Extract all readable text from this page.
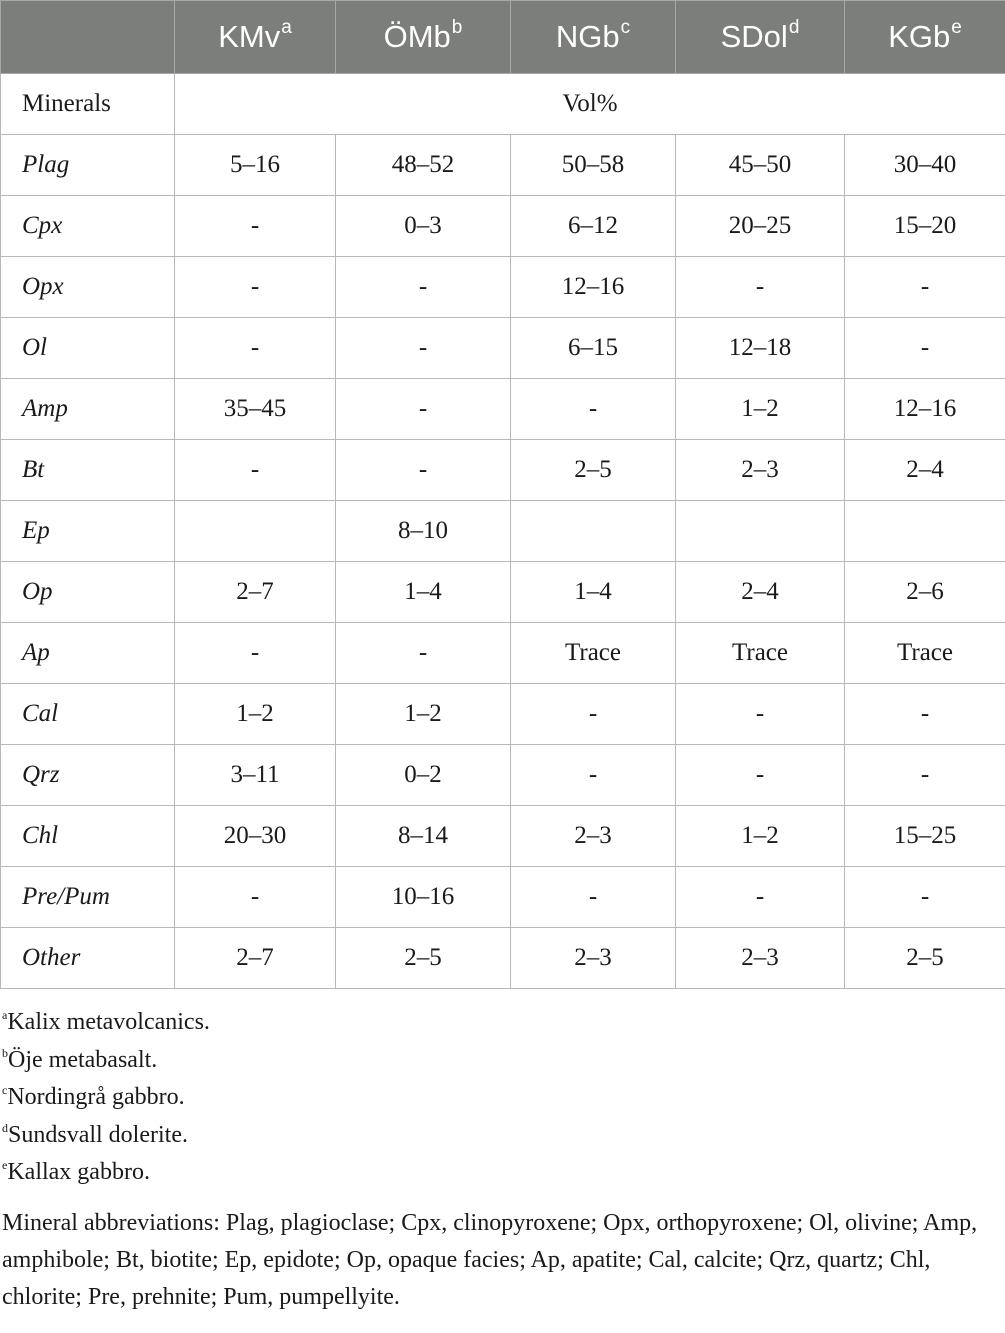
	KMv$^a$	ÖMb$^b$	NGb$^c$	SDol$^d$	KGb$^e$
Minerals	Vol%				
Plag	5–16	48–52	50–58	45–50	30–40
Cpx	-	0–3	6–12	20–25	15–20
Opx	-	-	12–16	-	-
Ol	-	-	6–15	12–18	-
Amp	35–45	-	-	1–2	12–16
Bt	-	-	2–5	2–3	2–4
Ep		8–10			
Op	2–7	1–4	1–4	2–4	2–6
Ap	-	-	Trace	Trace	Trace
Cal	1–2	1–2	-	-	-
Qrz	3–11	0–2	-	-	-
Chl	20–30	8–14	2–3	1–2	15–25
Pre/Pum	-	10–16	-	-	-
Other	2–7	2–5	2–3	2–3	2–5
$^a$Kalix metavolcanics.
$^b$Öje metabasalt.
$^c$Nordingrå gabbro.
$^d$Sundsvall dolerite.
$^e$Kallax gabbro.
Mineral abbreviations: Plag, plagioclase; Cpx, clinopyroxene; Opx, orthopyroxene; Ol, olivine; Amp, amphibole; Bt, biotite; Ep, epidote; Op, opaque facies; Ap, apatite; Cal, calcite; Qrz, quartz; Chl, chlorite; Pre, prehnite; Pum, pumpellyite.
